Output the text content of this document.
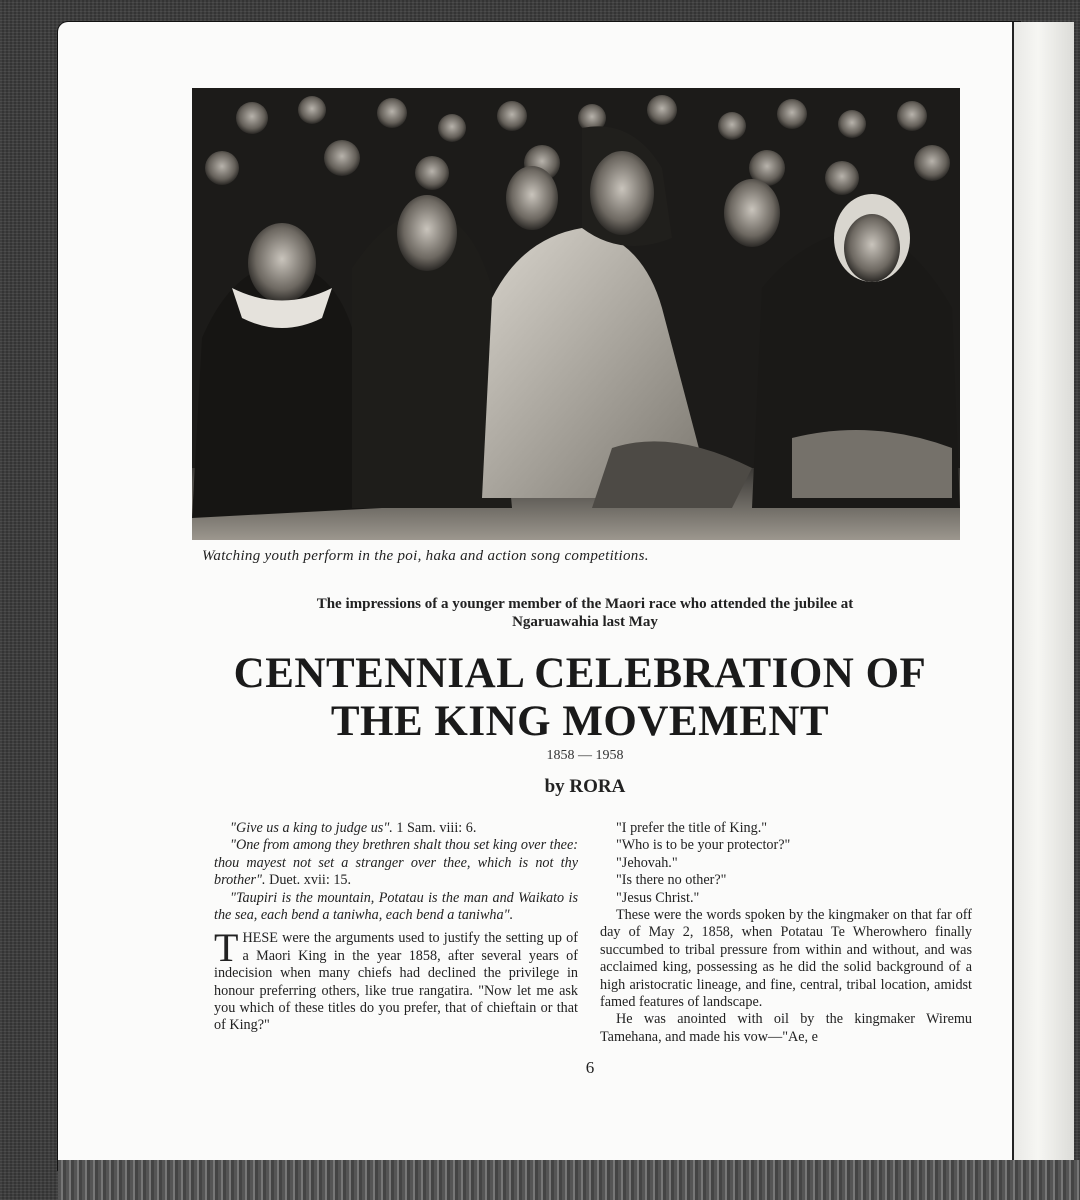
Watching youth perform in the poi, haka and action song competitions.
The impressions of a younger member of the Maori race who attended the jubilee at Ngaruawahia last May
CENTENNIAL CELEBRATION OF
THE KING MOVEMENT
1858 — 1958
by RORA

"Give us a king to judge us". 1 Sam. viii: 6.

"One from among they brethren shalt thou set king over thee: thou mayest not set a stranger over thee, which is not thy brother". Duet. xvii: 15.

"Taupiri is the mountain, Potatau is the man and Waikato is the sea, each bend a taniwha, each bend a taniwha".

THESE were the arguments used to justify the setting up of a Maori King in the year 1858, after several years of indecision when many chiefs had declined the privilege in honour preferring others, like true rangatira. "Now let me ask you which of these titles do you prefer, that of chieftain or that of King?"

"I prefer the title of King."

"Who is to be your protector?"

"Jehovah."

"Is there no other?"

"Jesus Christ."

These were the words spoken by the kingmaker on that far off day of May 2, 1858, when Potatau Te Wherowhero finally succumbed to tribal pressure from within and without, and was acclaimed king, possessing as he did the solid background of a high aristocratic lineage, and fine, central, tribal location, amidst famed features of landscape.

He was anointed with oil by the kingmaker Wiremu Tamehana, and made his vow—"Ae, e

6
